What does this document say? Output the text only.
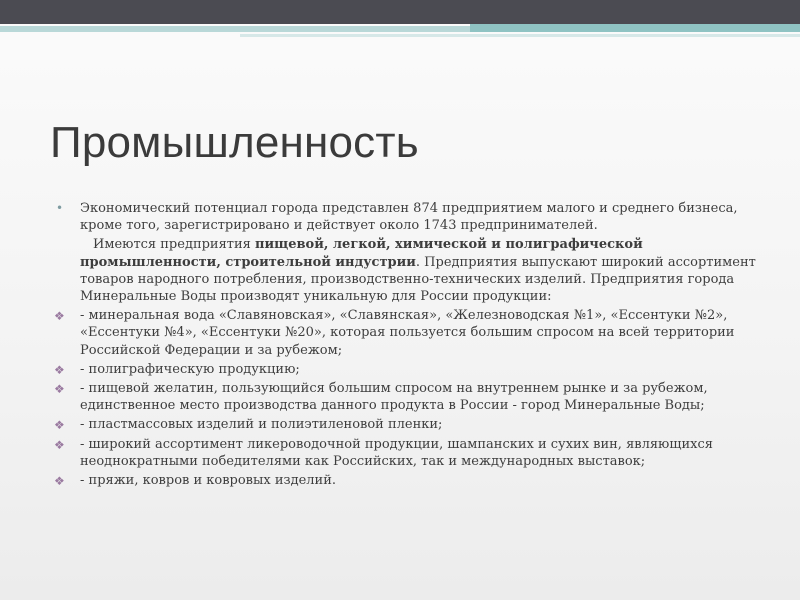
Промышленность
• Экономический потенциал города представлен 874 предприятием малого и среднего бизнеса, кроме того, зарегистрировано и действует около 1743 предпринимателей.
Имеются предприятия пищевой, легкой, химической и полиграфической промышленности, строительной индустрии. Предприятия выпускают широкий ассортимент товаров народного потребления, производственно-технических изделий. Предприятия города Минеральные Воды производят уникальную для России продукции:
❖ - минеральная вода «Славяновская», «Славянская», «Железноводская №1», «Ессентуки №2», «Ессентуки №4», «Ессентуки №20», которая пользуется большим спросом на всей территории Российской Федерации и за рубежом;
❖ - полиграфическую продукцию;
❖ - пищевой желатин, пользующийся большим спросом на внутреннем рынке и за рубежом, единственное место производства данного продукта в России - город Минеральные Воды;
❖ - пластмассовых изделий и полиэтиленовой пленки;
❖ - широкий ассортимент ликероводочной продукции, шампанских и сухих вин, являющихся неоднократными победителями как Российских, так и международных выставок;
❖ - пряжи, ковров и ковровых изделий.
